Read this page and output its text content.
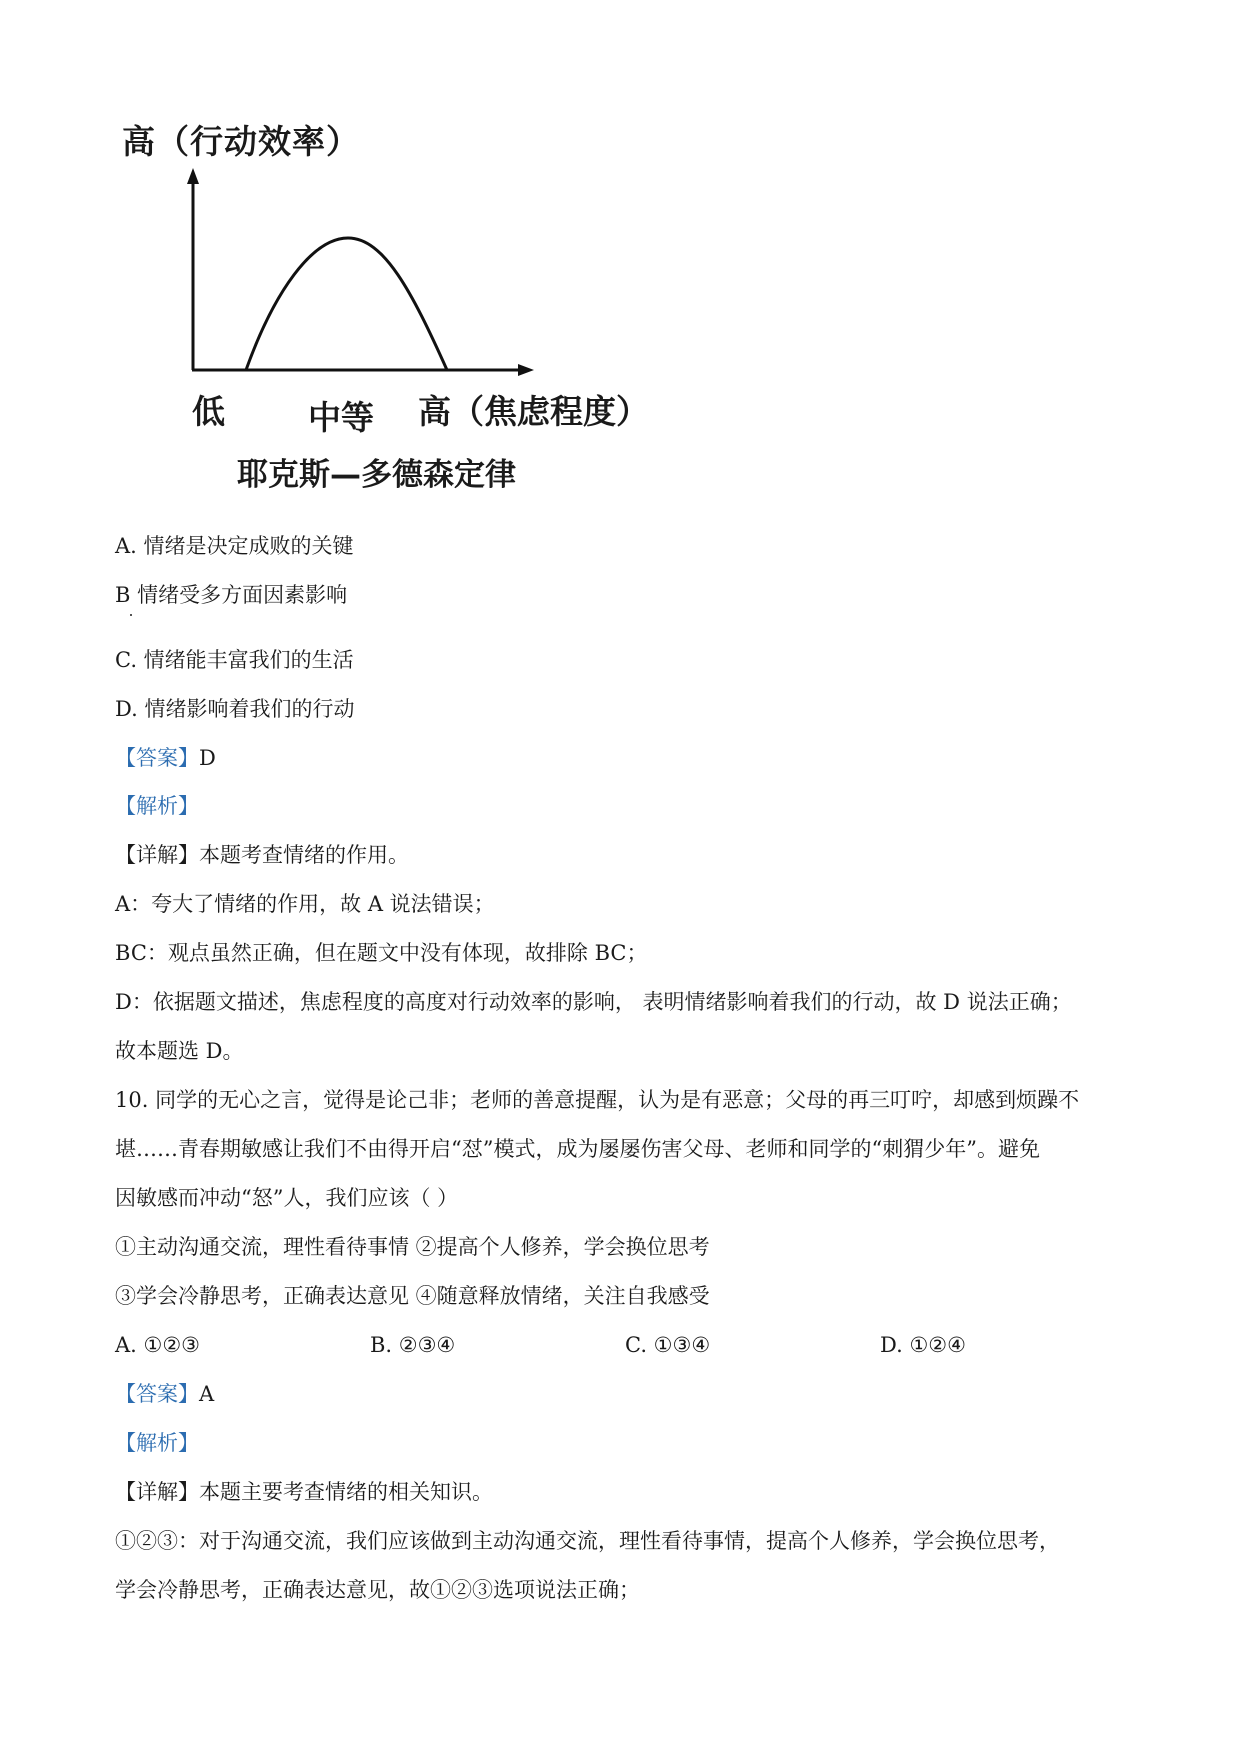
高（行动效率）
低	中等 高（焦虑程度）
耶克斯—多德森定律
A. 情绪是决定成败的关键
B 情绪受多方面因素影响
C. 情绪能丰富我们的生活
D. 情绪影响着我们的行动
【答案】D
【解析】
【详解】本题考查情绪的作用。
A：夸大了情绪的作用，故 A 说法错误；
BC：观点虽然正确，但在题文中没有体现，故排除 BC；
D：依据题文描述，焦虑程度的高度对行动效率的影响， 表明情绪影响着我们的行动，故 D 说法正确；
故本题选 D。
10. 同学的无心之言，觉得是论己非；老师的善意提醒，认为是有恶意；父母的再三叮咛，却感到烦躁不
堪……青春期敏感让我们不由得开启“怼”模式，成为屡屡伤害父母、老师和同学的“刺猬少年”。避免
因敏感而冲动“怒”人，我们应该（ ）
①主动沟通交流，理性看待事情 ②提高个人修养，学会换位思考
③学会冷静思考，正确表达意见 ④随意释放情绪，关注自我感受
A. ①②③	B. ②③④	C. ①③④	D. ①②④
【答案】A
【解析】
【详解】本题主要考查情绪的相关知识。
①②③：对于沟通交流，我们应该做到主动沟通交流，理性看待事情，提高个人修养，学会换位思考，
学会冷静思考，正确表达意见，故①②③选项说法正确；
